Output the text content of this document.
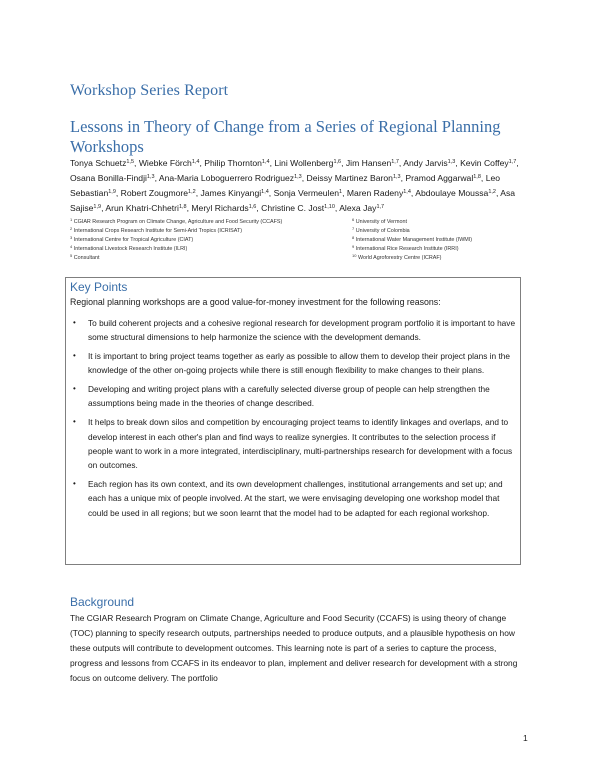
Workshop Series Report
Lessons in Theory of Change from a Series of Regional Planning Workshops

Tonya Schuetz$^{1,5}$, Wiebke Förch$^{1,4}$, Philip Thornton$^{1,4}$, Lini Wollenberg$^{1,6}$, Jim Hansen$^{1,7}$, Andy Jarvis$^{1,3}$, Kevin Coffey$^{1,7}$, Osana Bonilla-Findji$^{1,3}$, Ana-Maria Loboguerrero Rodriguez$^{1,3}$, Deissy Martinez Baron$^{1,3}$, Pramod Aggarwal$^{1,8}$, Leo Sebastian$^{1,9}$, Robert Zougmore$^{1,2}$, James Kinyangi$^{1,4}$, Sonja Vermeulen$^1$, Maren Radeny$^{1,4}$, Abdoulaye Moussa$^{1,2}$, Asa Sajise$^{1,9}$, Arun Khatri-Chhetri$^{1,8}$, Meryl Richards$^{1,6}$, Christine C. Jost$^{1,10}$, Alexa Jay$^{1,7}$

$^1$ CGIAR Research Program on Climate Change, Agriculture and Food Security (CCAFS)
$^2$ International Crops Research Institute for Semi-Arid Tropics (ICRISAT)
$^3$ International Centre for Tropical Agriculture (CIAT)
$^4$ International Livestock Research Institute (ILRI)
$^5$ Consultant
$^6$ University of Vermont
$^7$ University of Colombia
$^8$ International Water Management Institute (IWMI)
$^9$ International Rice Research Institute (IRRI)
$^{10}$ World Agroforestry Centre (ICRAF)
Key Points

Regional planning workshops are a good value-for-money investment for the following reasons:

• To build coherent projects and a cohesive regional research for development program portfolio it is important to have some structural dimensions to help harmonize the science with the development demands.
• It is important to bring project teams together as early as possible to allow them to develop their project plans in the knowledge of the other on-going projects while there is still enough flexibility to make changes to their plans.
• Developing and writing project plans with a carefully selected diverse group of people can help strengthen the assumptions being made in the theories of change described.
• It helps to break down silos and competition by encouraging project teams to identify linkages and overlaps, and to develop interest in each other's plan and find ways to realize synergies. It contributes to the selection process if people want to work in a more integrated, interdisciplinary, multi-partnerships research for development with a focus on outcomes.
• Each region has its own context, and its own development challenges, institutional arrangements and set up; and each has a unique mix of people involved. At the start, we were envisaging developing one workshop model that could be used in all regions; but we soon learnt that the model had to be adapted for each regional workshop.
Background

The CGIAR Research Program on Climate Change, Agriculture and Food Security (CCAFS) is using theory of change (TOC) planning to specify research outputs, partnerships needed to produce outputs, and a plausible hypothesis on how these outputs will contribute to development outcomes. This learning note is part of a series to capture the process, progress and lessons from CCAFS in its endeavor to plan, implement and deliver research for development with a strong focus on outcome delivery. The portfolio

1
